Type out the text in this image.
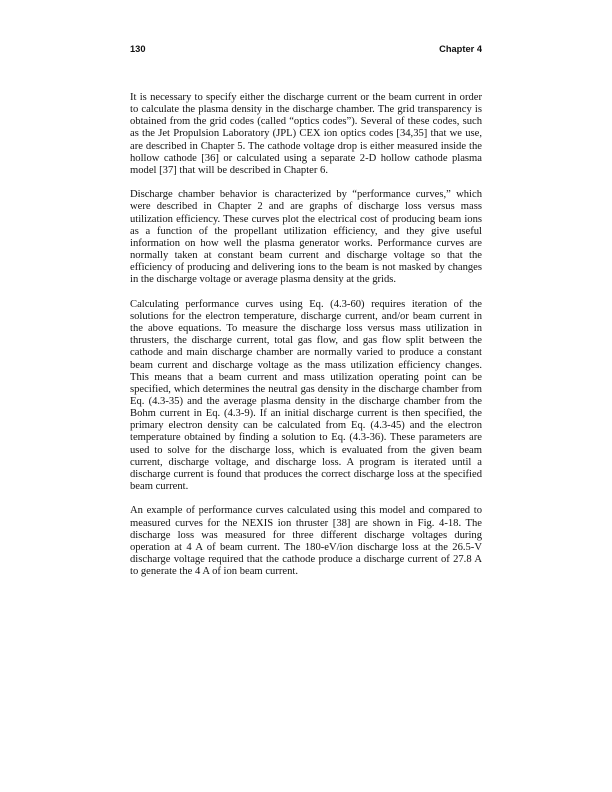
130	Chapter 4

It is necessary to specify either the discharge current or the beam current in order to calculate the plasma density in the discharge chamber. The grid transparency is obtained from the grid codes (called “optics codes”). Several of these codes, such as the Jet Propulsion Laboratory (JPL) CEX ion optics codes [34,35] that we use, are described in Chapter 5. The cathode voltage drop is either measured inside the hollow cathode [36] or calculated using a separate 2-D hollow cathode plasma model [37] that will be described in Chapter 6.

Discharge chamber behavior is characterized by “performance curves,” which were described in Chapter 2 and are graphs of discharge loss versus mass utilization efficiency. These curves plot the electrical cost of producing beam ions as a function of the propellant utilization efficiency, and they give useful information on how well the plasma generator works. Performance curves are normally taken at constant beam current and discharge voltage so that the efficiency of producing and delivering ions to the beam is not masked by changes in the discharge voltage or average plasma density at the grids.

Calculating performance curves using Eq. (4.3-60) requires iteration of the solutions for the electron temperature, discharge current, and/or beam current in the above equations. To measure the discharge loss versus mass utilization in thrusters, the discharge current, total gas flow, and gas flow split between the cathode and main discharge chamber are normally varied to produce a constant beam current and discharge voltage as the mass utilization efficiency changes. This means that a beam current and mass utilization operating point can be specified, which determines the neutral gas density in the discharge chamber from Eq. (4.3-35) and the average plasma density in the discharge chamber from the Bohm current in Eq. (4.3-9). If an initial discharge current is then specified, the primary electron density can be calculated from Eq. (4.3-45) and the electron temperature obtained by finding a solution to Eq. (4.3-36). These parameters are used to solve for the discharge loss, which is evaluated from the given beam current, discharge voltage, and discharge loss. A program is iterated until a discharge current is found that produces the correct discharge loss at the specified beam current.

An example of performance curves calculated using this model and compared to measured curves for the NEXIS ion thruster [38] are shown in Fig. 4-18. The discharge loss was measured for three different discharge voltages during operation at 4 A of beam current. The 180-eV/ion discharge loss at the 26.5-V discharge voltage required that the cathode produce a discharge current of 27.8 A to generate the 4 A of ion beam current.
